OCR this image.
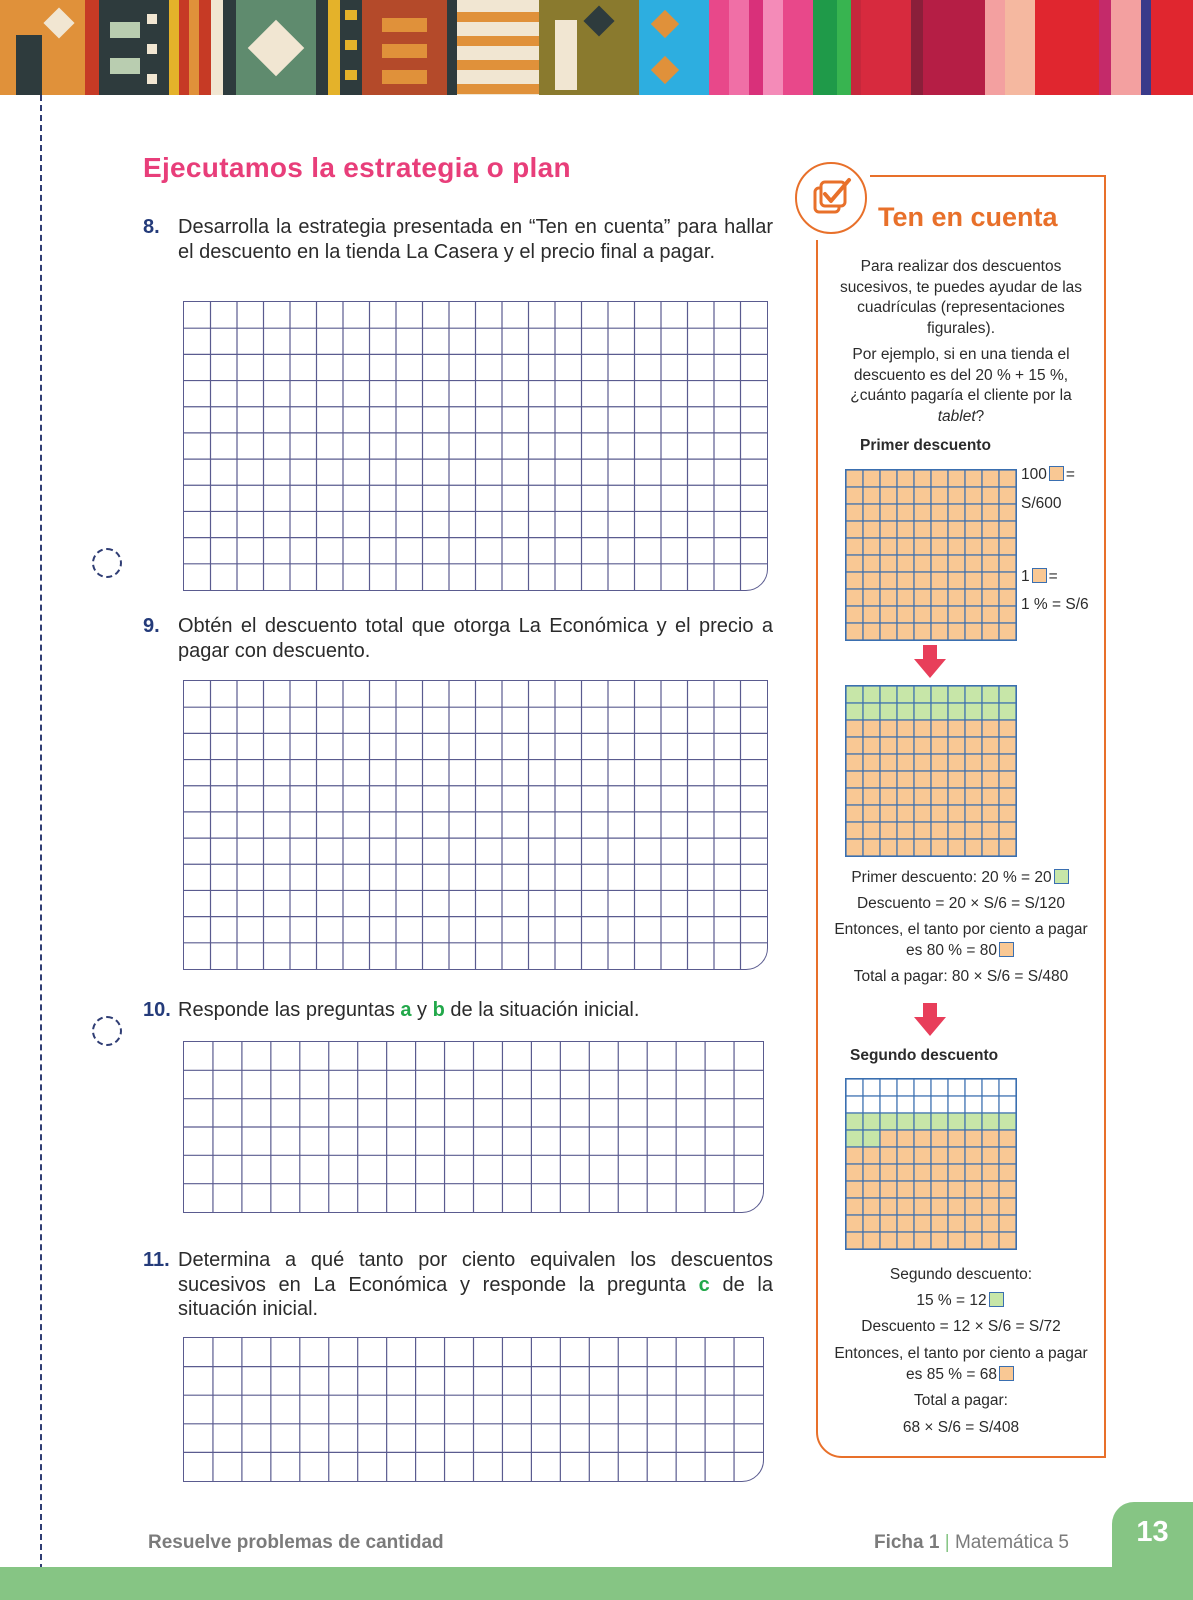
Ejecutamos la estrategia o plan
8. Desarrolla la estrategia presentada en “Ten en cuenta” para hallar el descuento en la tienda La Casera y el precio final a pagar.
9. Obtén el descuento total que otorga La Económica y el precio a pagar con descuento.
10. Responde las preguntas a y b de la situación inicial.
11. Determina a qué tanto por ciento equivalen los descuentos sucesivos en La Económica y responde la pregunta c de la situación inicial.
Ten en cuenta
Para realizar dos descuentos sucesivos, te puedes ayudar de las cuadrículas (representaciones figurales).
Por ejemplo, si en una tienda el descuento es del 20 % + 15 %, ¿cuánto pagaría el cliente por la tablet?
Primer descuento
100 =
S/600
1 =
1 % = S/6
Primer descuento: 20 % = 20
Descuento = 20 × S/6 = S/120
Entonces, el tanto por ciento a pagar es 80 % = 80
Total a pagar: 80 × S/6 = S/480
Segundo descuento
Segundo descuento:
15 % = 12
Descuento = 12 × S/6 = S/72
Entonces, el tanto por ciento a pagar es 85 % = 68
Total a pagar:
68 × S/6 = S/408
Resuelve problemas de cantidad	Ficha 1 | Matemática 5	13
